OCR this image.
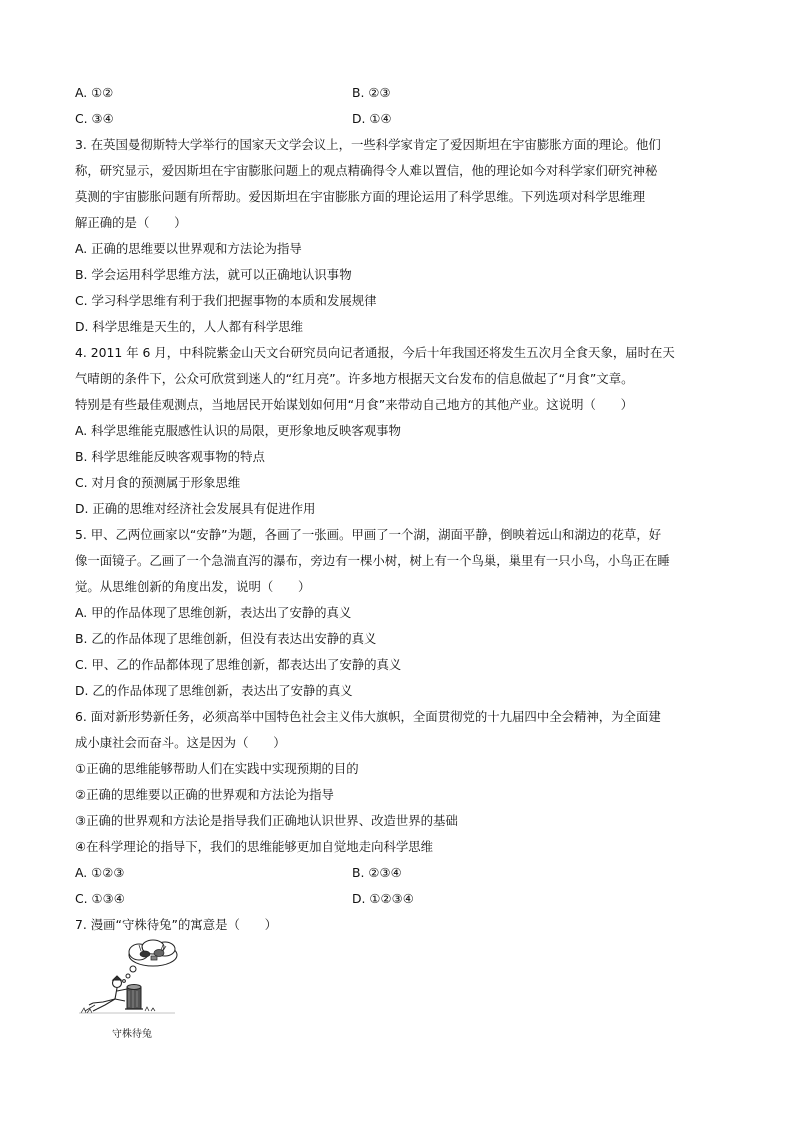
A. ①②	B. ②③
C. ③④	D. ①④
3. 在英国曼彻斯特大学举行的国家天文学会议上，一些科学家肯定了爱因斯坦在宇宙膨胀方面的理论。他们
称，研究显示，爱因斯坦在宇宙膨胀问题上的观点精确得令人难以置信，他的理论如今对科学家们研究神秘
莫测的宇宙膨胀问题有所帮助。爱因斯坦在宇宙膨胀方面的理论运用了科学思维。下列选项对科学思维理
解正确的是（　　）
A. 正确的思维要以世界观和方法论为指导
B. 学会运用科学思维方法，就可以正确地认识事物
C. 学习科学思维有利于我们把握事物的本质和发展规律
D. 科学思维是天生的，人人都有科学思维
4. 2011 年 6 月，中科院紫金山天文台研究员向记者通报，今后十年我国还将发生五次月全食天象，届时在天
气晴朗的条件下，公众可欣赏到迷人的“红月亮”。许多地方根据天文台发布的信息做起了“月食”文章。
特别是有些最佳观测点，当地居民开始谋划如何用“月食”来带动自己地方的其他产业。这说明（　　）
A. 科学思维能克服感性认识的局限，更形象地反映客观事物
B. 科学思维能反映客观事物的特点
C. 对月食的预测属于形象思维
D. 正确的思维对经济社会发展具有促进作用
5. 甲、乙两位画家以“安静”为题，各画了一张画。甲画了一个湖，湖面平静，倒映着远山和湖边的花草，好
像一面镜子。乙画了一个急湍直泻的瀑布，旁边有一棵小树，树上有一个鸟巢，巢里有一只小鸟，小鸟正在睡
觉。从思维创新的角度出发，说明（　　）
A. 甲的作品体现了思维创新，表达出了安静的真义
B. 乙的作品体现了思维创新，但没有表达出安静的真义
C. 甲、乙的作品都体现了思维创新，都表达出了安静的真义
D. 乙的作品体现了思维创新，表达出了安静的真义
6. 面对新形势新任务，必须高举中国特色社会主义伟大旗帜，全面贯彻党的十九届四中全会精神，为全面建
成小康社会而奋斗。这是因为（　　）
①正确的思维能够帮助人们在实践中实现预期的目的
②正确的思维要以正确的世界观和方法论为指导
③正确的世界观和方法论是指导我们正确地认识世界、改造世界的基础
④在科学理论的指导下，我们的思维能够更加自觉地走向科学思维
A. ①②③	B. ②③④
C. ①③④	D. ①②③④
7. 漫画“守株待兔”的寓意是（　　）
守株待兔
